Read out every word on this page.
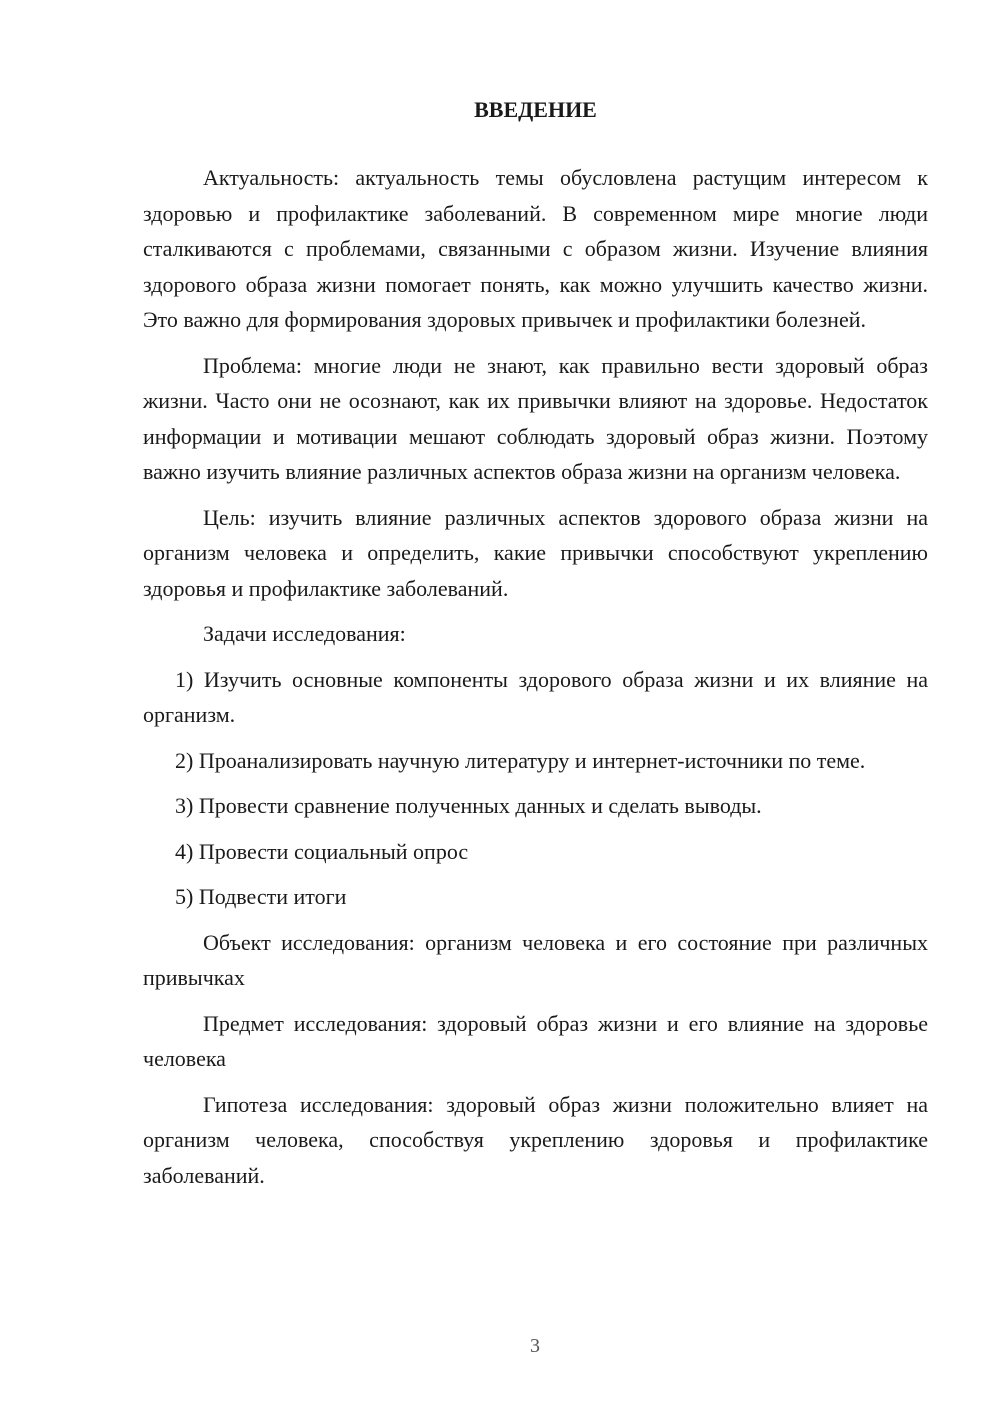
ВВЕДЕНИЕ

Актуальность: актуальность темы обусловлена растущим интересом к здоровью и профилактике заболеваний. В современном мире многие люди сталкиваются с проблемами, связанными с образом жизни. Изучение влияния здорового образа жизни помогает понять, как можно улучшить качество жизни. Это важно для формирования здоровых привычек и профилактики болезней.

Проблема: многие люди не знают, как правильно вести здоровый образ жизни. Часто они не осознают, как их привычки влияют на здоровье. Недостаток информации и мотивации мешают соблюдать здоровый образ жизни. Поэтому важно изучить влияние различных аспектов образа жизни на организм человека.

Цель: изучить влияние различных аспектов здорового образа жизни на организм человека и определить, какие привычки способствуют укреплению здоровья и профилактике заболеваний.

Задачи исследования:

1) Изучить основные компоненты здорового образа жизни и их влияние на организм.

2) Проанализировать научную литературу и интернет-источники по теме.

3) Провести сравнение полученных данных и сделать выводы.

4) Провести социальный опрос

5) Подвести итоги

Объект исследования: организм человека и его состояние при различных привычках

Предмет исследования: здоровый образ жизни и его влияние на здоровье человека

Гипотеза исследования: здоровый образ жизни положительно влияет на организм человека, способствуя укреплению здоровья и профилактике заболеваний.

3
